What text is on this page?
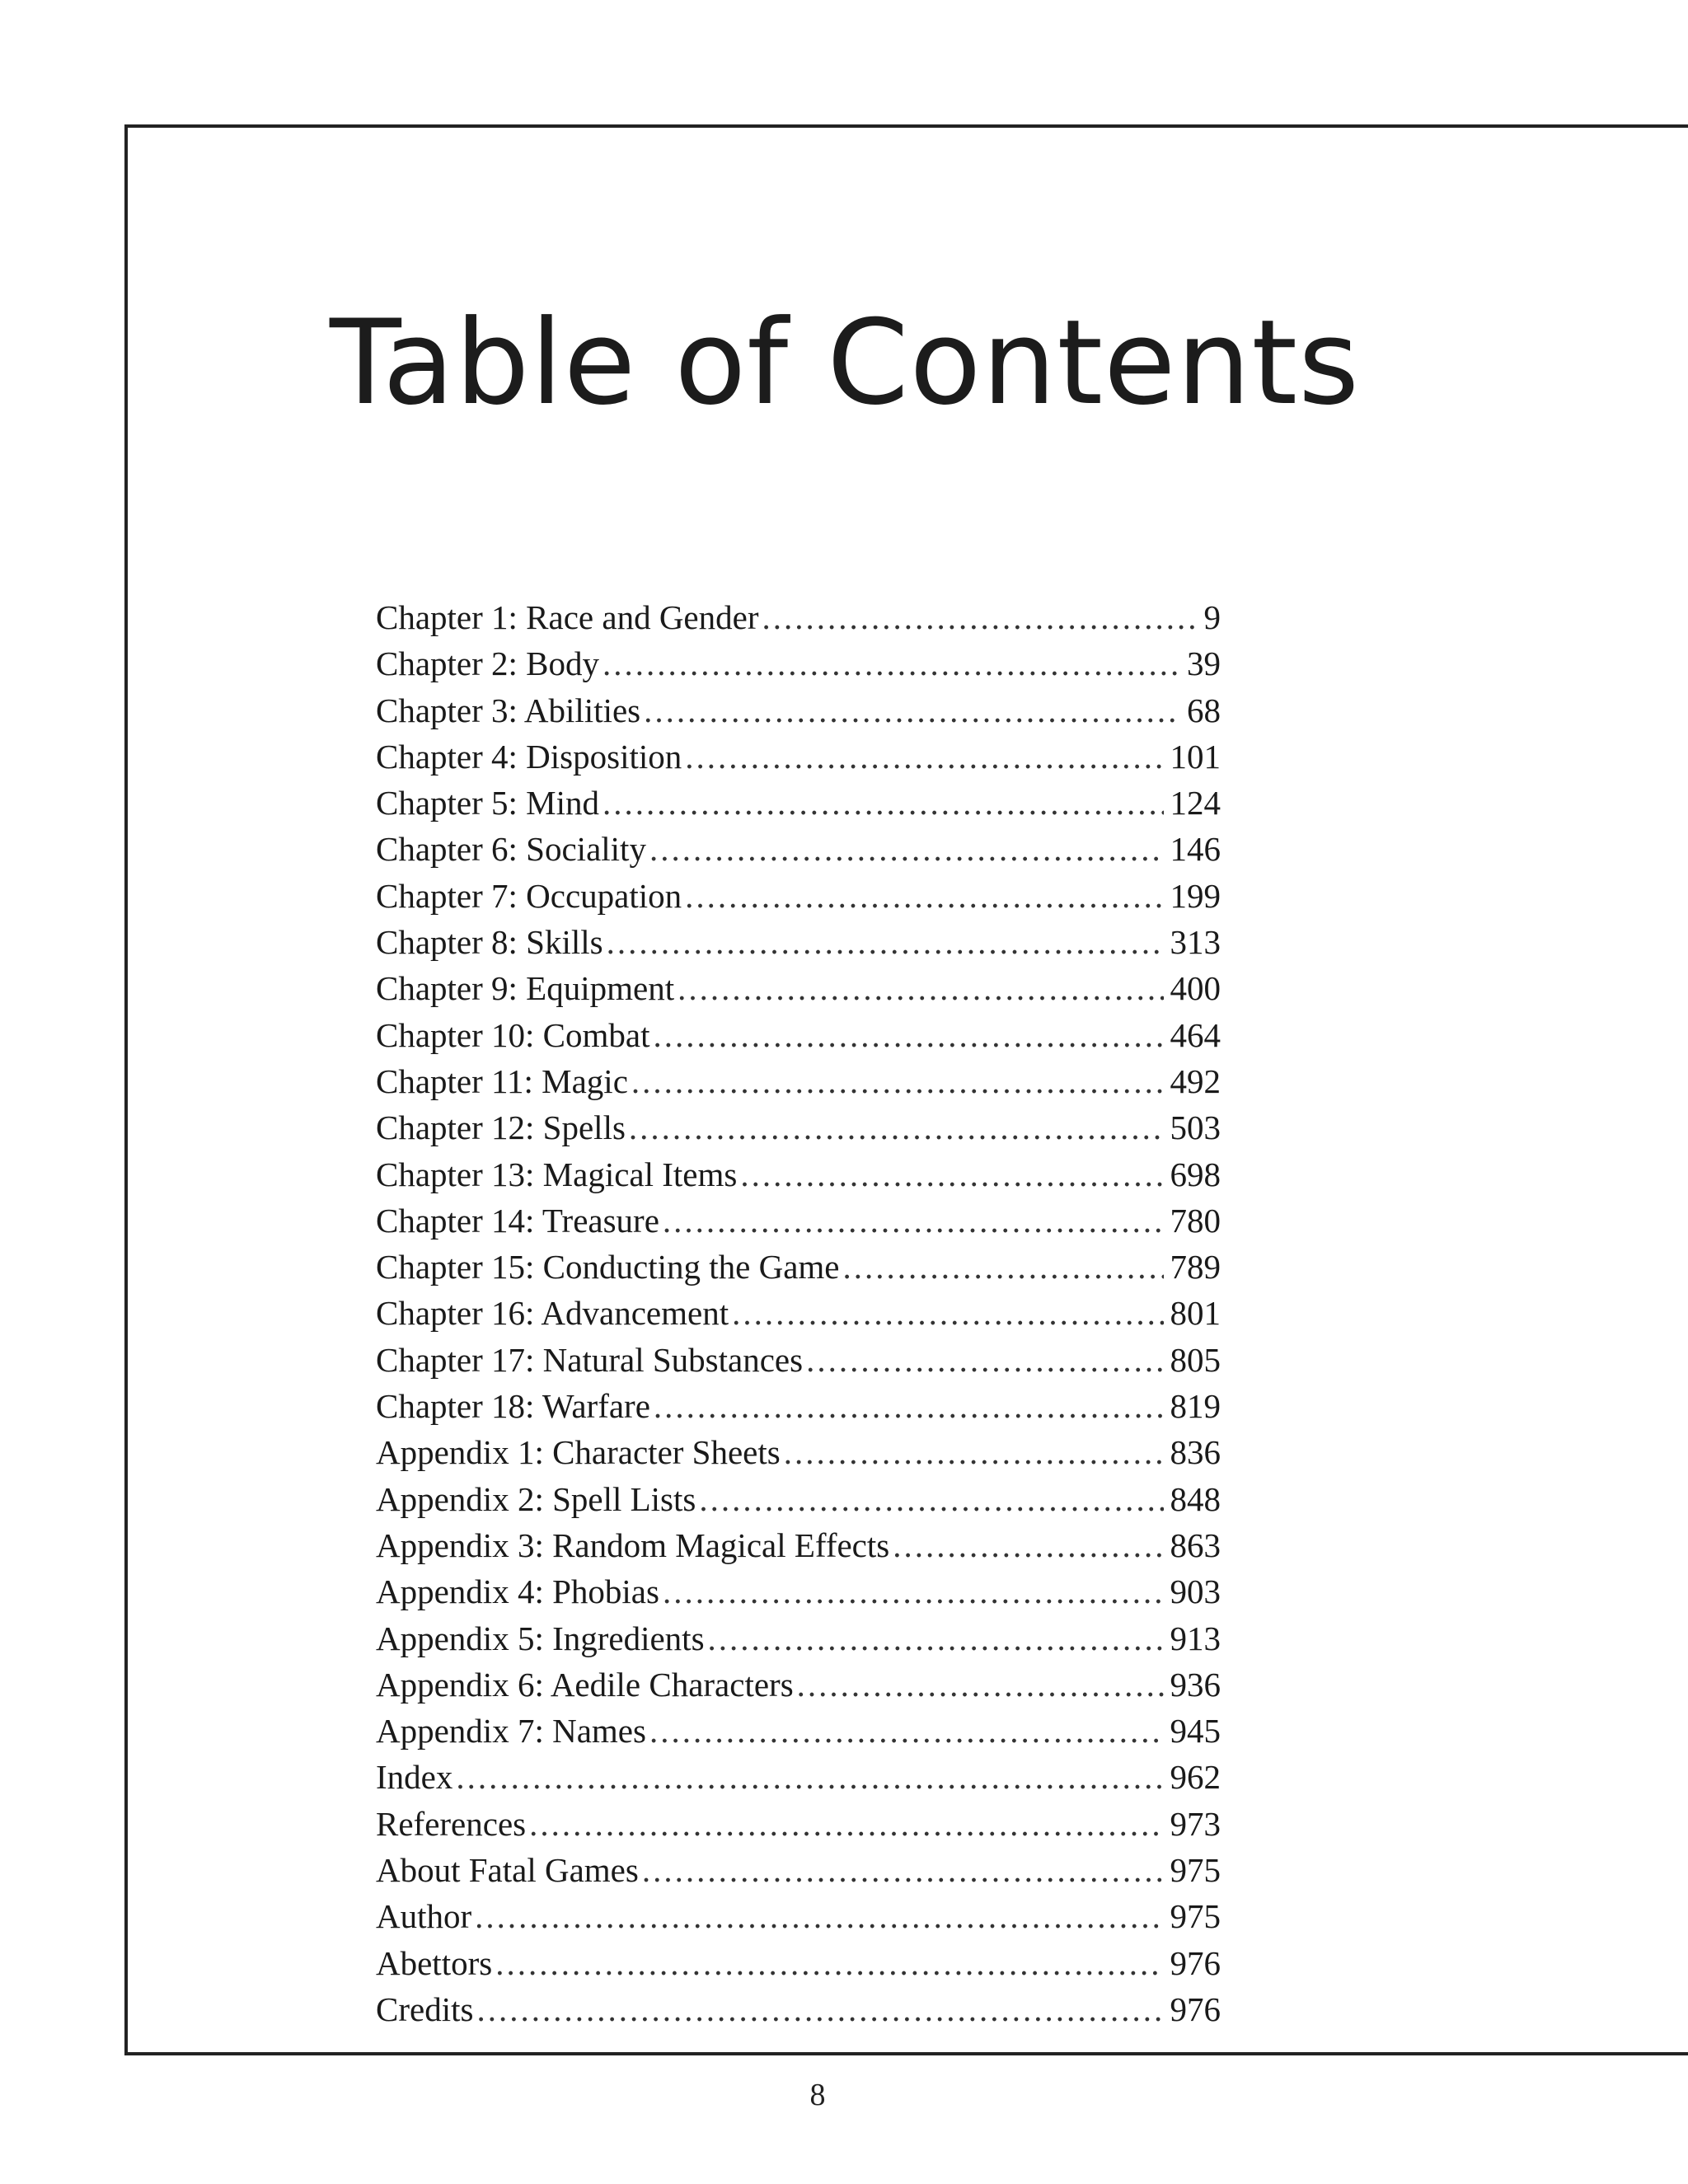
Table of Contents
Chapter 1: Race and Gender .....	9
Chapter 2: Body .....	39
Chapter 3: Abilities .....	68
Chapter 4: Disposition .....	101
Chapter 5: Mind .....	124
Chapter 6: Sociality .....	146
Chapter 7: Occupation .....	199
Chapter 8: Skills .....	313
Chapter 9: Equipment .....	400
Chapter 10: Combat .....	464
Chapter 11: Magic .....	492
Chapter 12: Spells .....	503
Chapter 13: Magical Items .....	698
Chapter 14: Treasure .....	780
Chapter 15: Conducting the Game .....	789
Chapter 16: Advancement .....	801
Chapter 17: Natural Substances .....	805
Chapter 18: Warfare .....	819
Appendix 1: Character Sheets .....	836
Appendix 2: Spell Lists .....	848
Appendix 3: Random Magical Effects .....	863
Appendix 4: Phobias .....	903
Appendix 5: Ingredients .....	913
Appendix 6: Aedile Characters .....	936
Appendix 7: Names .....	945
Index .....	962
References .....	973
About Fatal Games .....	975
Author .....	975
Abettors .....	976
Credits .....	976
8
